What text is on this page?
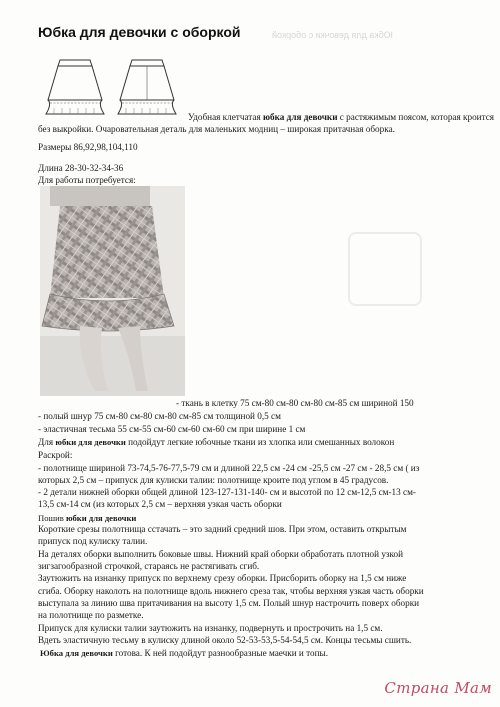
Юбка для девочки с оборкой
Юбка для девочки с оборкой
Удобная клетчатая юбка для девочки с растяжимым поясом, которая кроится
без выкройки. Очаровательная деталь для маленьких модниц – широкая притачная оборка.
Размеры 86,92,98,104,110
Длина 28-30-32-34-36
Для работы потребуется:
- ткань в клетку 75 см-80 см-80 см-80 см-85 см шириной 150
- полый шнур 75 см-80 см-80 см-80 см-85 см толщиной 0,5 см
- эластичная тесьма 55 см-55 см-60 см-60 см-60 см при ширине 1 см
Для юбки для девочки подойдут легкие юбочные ткани из хлопка или смешанных волокон
Раскрой:
- полотнище шириной 73-74,5-76-77,5-79 см и длиной 22,5 см -24 см -25,5 см -27 см - 28,5 см ( из
которых 2,5 см – припуск для кулиски талии: полотнище кроите под углом в 45 градусов.
- 2 детали нижней оборки общей длиной 123-127-131-140- см и высотой по 12 см-12,5 см-13 см-
13,5 см-14 см (из которых 2,5 см – верхняя узкая часть оборки
Пошив юбки для девочки
Короткие срезы полотнища сстачать – это задний средний шов. При этом, оставить открытым
припуск под кулиску талии.
На деталях оборки выполнить боковые швы. Нижний край оборки обработать плотной узкой
зигзагообразной строчкой, стараясь не растягивать сгиб.
Заутюжить на изнанку припуск по верхнему срезу оборки. Присборить оборку на 1,5 см ниже
сгиба. Оборку наколоть на полотнище вдоль нижнего среза так, чтобы верхняя узкая часть оборки
выступала за линию шва притачивания на высоту 1,5 см. Полый шнур настрочить поверх оборки
на полотнище по разметке.
Припуск для кулиски талии заутюжить на изнанку, подвернуть и прострочить на 1,5 см.
Вдеть эластичную тесьму в кулиску длиной около 52-53-53,5-54-54,5 см. Концы тесьмы сшить.
Юбка для девочки готова. К ней подойдут разнообразные маечки и топы.
Страна Мам
